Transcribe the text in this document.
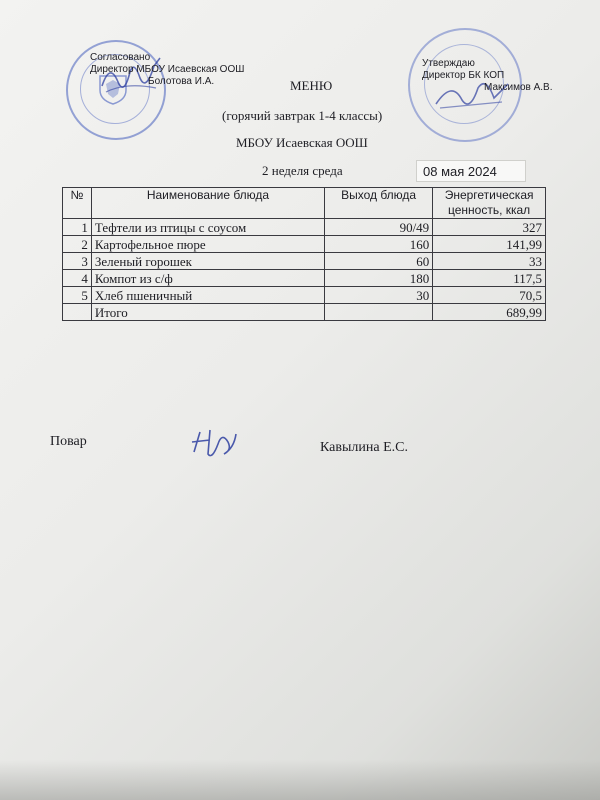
Согласовано
Директор МБОУ Исаевская ООШ
Болотова И.А.
Утверждаю
Директор БК КОП
Максимов А.В.
МЕНЮ
(горячий завтрак 1-4 классы)
МБОУ Исаевская ООШ
2 неделя среда	08 мая 2024
№	Наименование блюда	Выход блюда	Энергетическая ценность, ккал
1	Тефтели из птицы с соусом	90/49	327
2	Картофельное пюре	160	141,99
3	Зеленый горошек	60	33
4	Компот из с/ф	180	117,5
5	Хлеб пшеничный	30	70,5
	Итого		689,99
Повар	Кавылина Е.С.
